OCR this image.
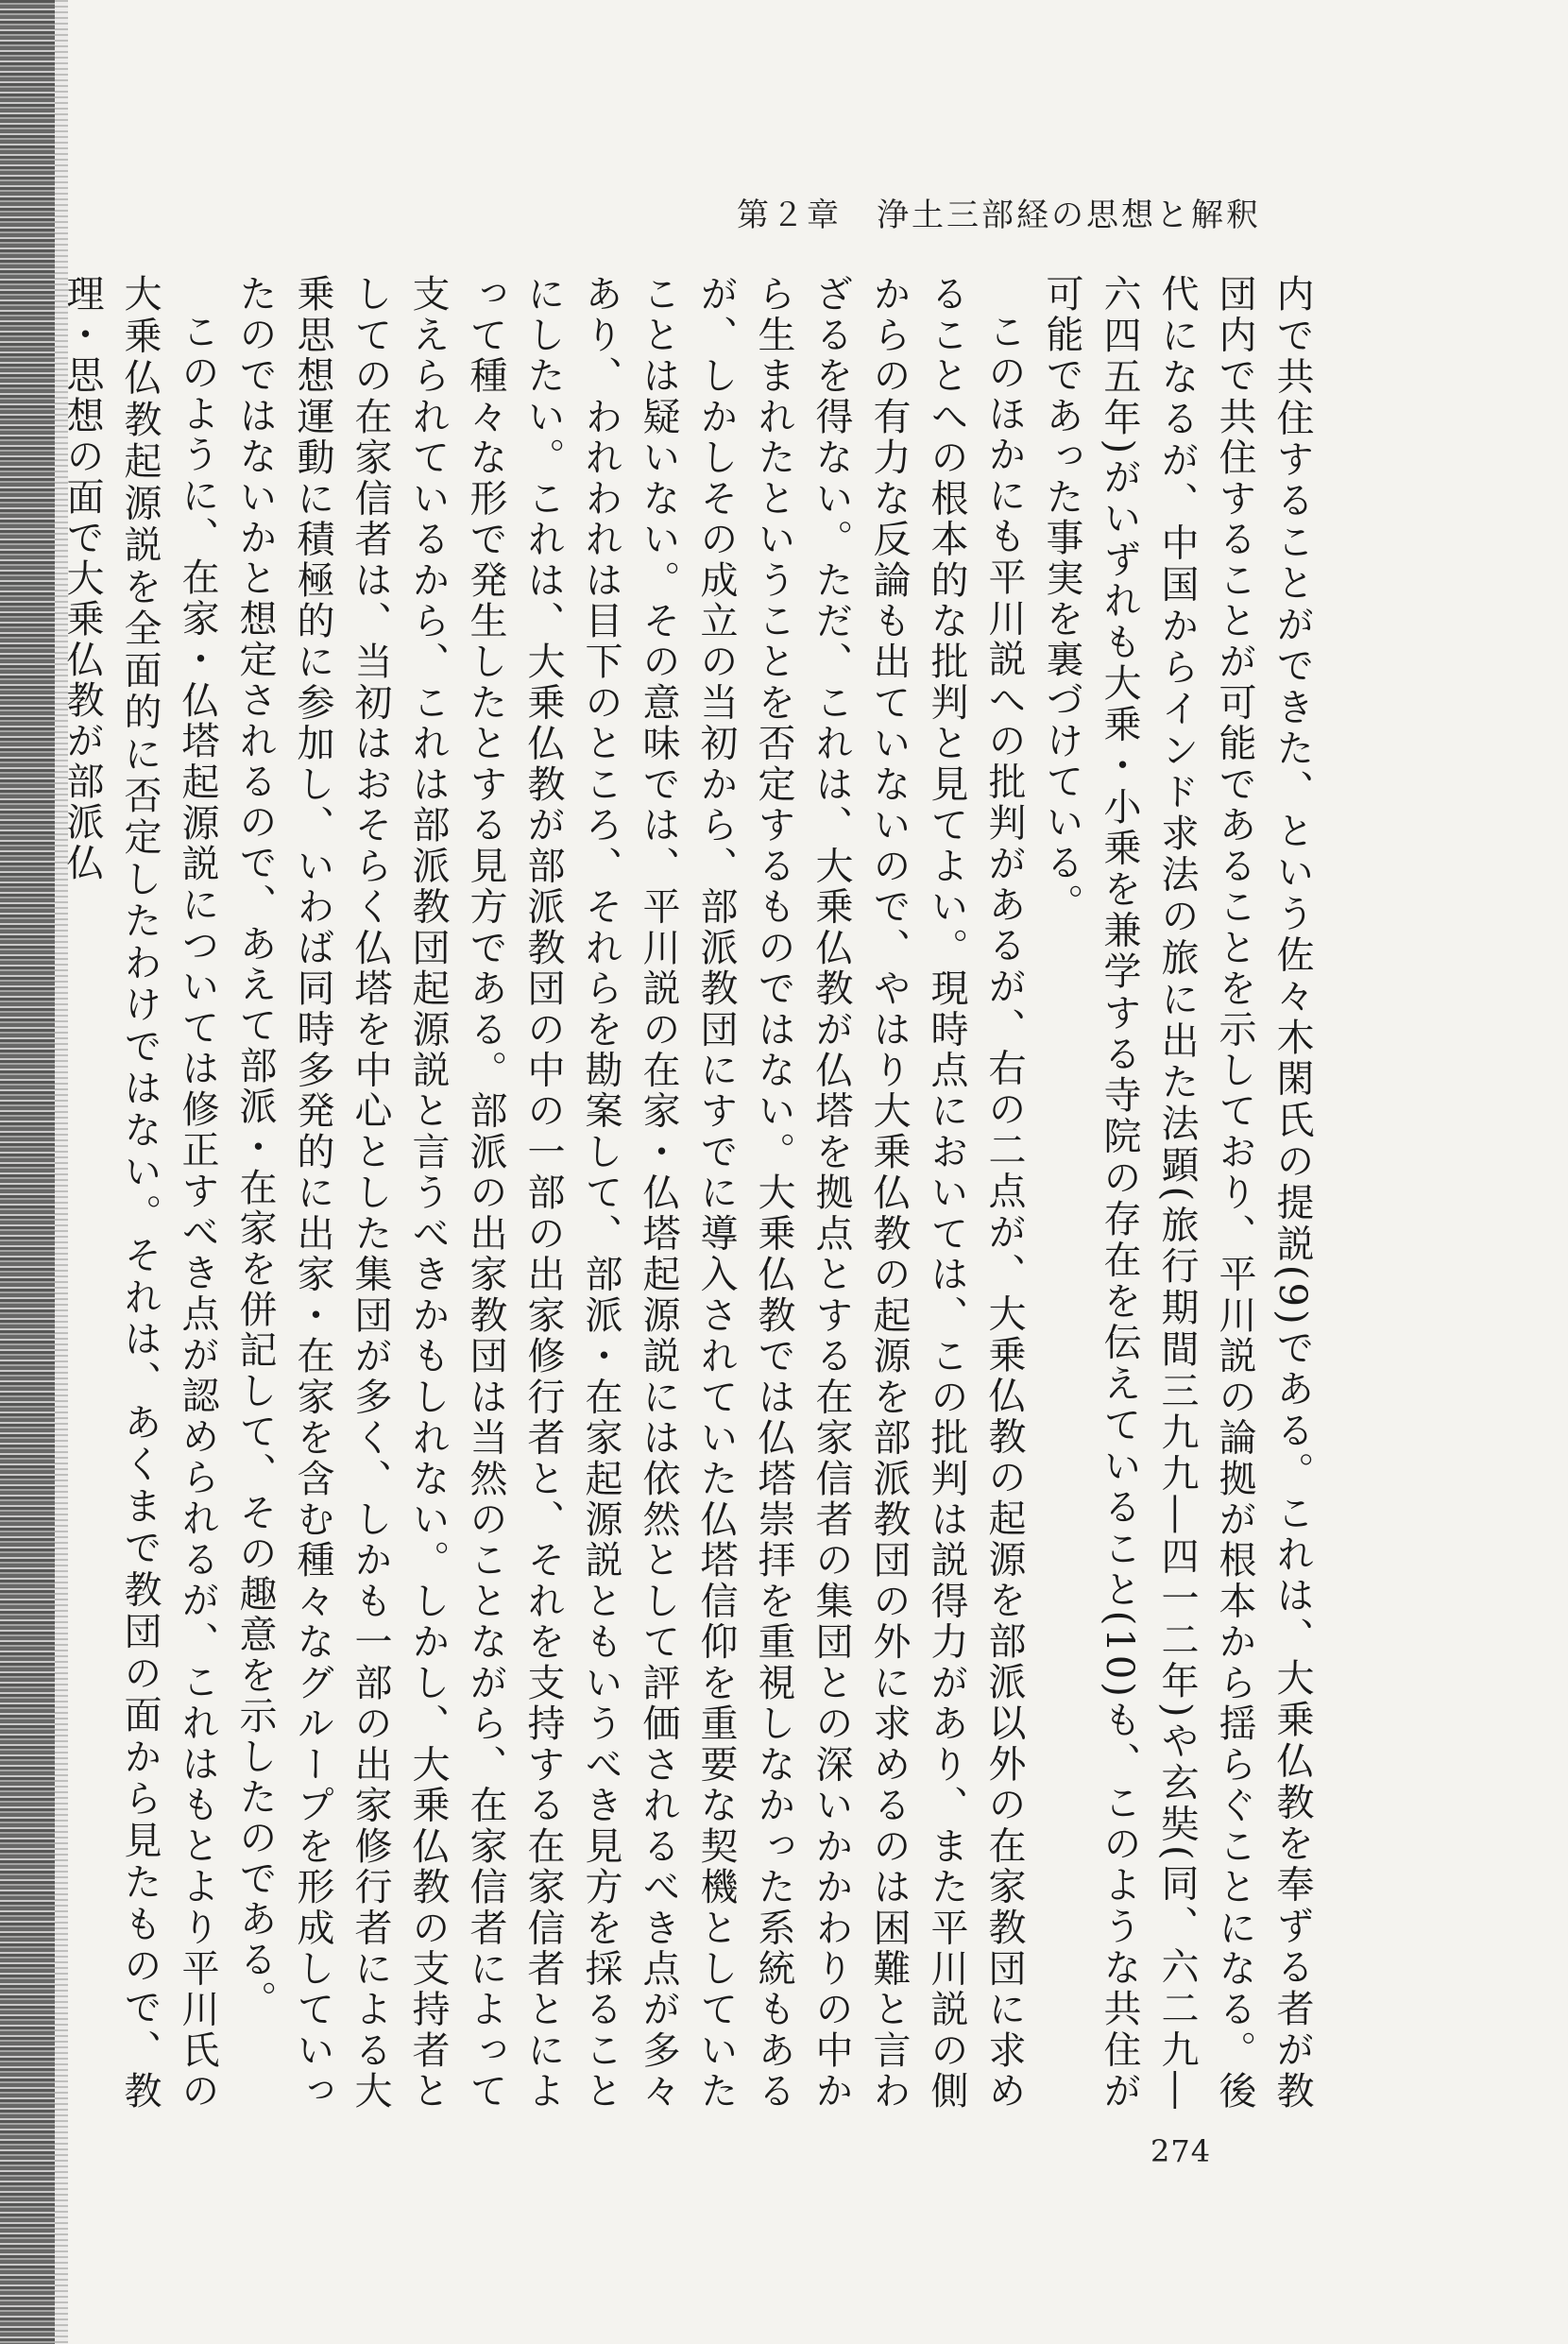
第２章　浄土三部経の思想と解釈

内で共住することができた、という佐々木閑氏の提説(9)である。これは、大乗仏教を奉ずる者が教団内で共住することが可能であることを示しており、平川説の論拠が根本から揺らぐことになる。後代になるが、中国からインド求法の旅に出た法顕(旅行期間三九九―四一二年)や玄奘(同、六二九―六四五年)がいずれも大乗・小乗を兼学する寺院の存在を伝えていること(10)も、このような共住が可能であった事実を裏づけている。

このほかにも平川説への批判があるが、右の二点が、大乗仏教の起源を部派以外の在家教団に求めることへの根本的な批判と見てよい。現時点においては、この批判は説得力があり、また平川説の側からの有力な反論も出ていないので、やはり大乗仏教の起源を部派教団の外に求めるのは困難と言わざるを得ない。ただ、これは、大乗仏教が仏塔を拠点とする在家信者の集団との深いかかわりの中から生まれたということを否定するものではない。大乗仏教では仏塔崇拝を重視しなかった系統もあるが、しかしその成立の当初から、部派教団にすでに導入されていた仏塔信仰を重要な契機としていたことは疑いない。その意味では、平川説の在家・仏塔起源説には依然として評価されるべき点が多々あり、われわれは目下のところ、それらを勘案して、部派・在家起源説ともいうべき見方を採ることにしたい。これは、大乗仏教が部派教団の中の一部の出家修行者と、それを支持する在家信者とによって種々な形で発生したとする見方である。部派の出家教団は当然のことながら、在家信者によって支えられているから、これは部派教団起源説と言うべきかもしれない。しかし、大乗仏教の支持者としての在家信者は、当初はおそらく仏塔を中心とした集団が多く、しかも一部の出家修行者による大乗思想運動に積極的に参加し、いわば同時多発的に出家・在家を含む種々なグループを形成していったのではないかと想定されるので、あえて部派・在家を併記して、その趣意を示したのである。

このように、在家・仏塔起源説については修正すべき点が認められるが、これはもとより平川氏の大乗仏教起源説を全面的に否定したわけではない。それは、あくまで教団の面から見たもので、教理・思想の面で大乗仏教が部派仏

274
